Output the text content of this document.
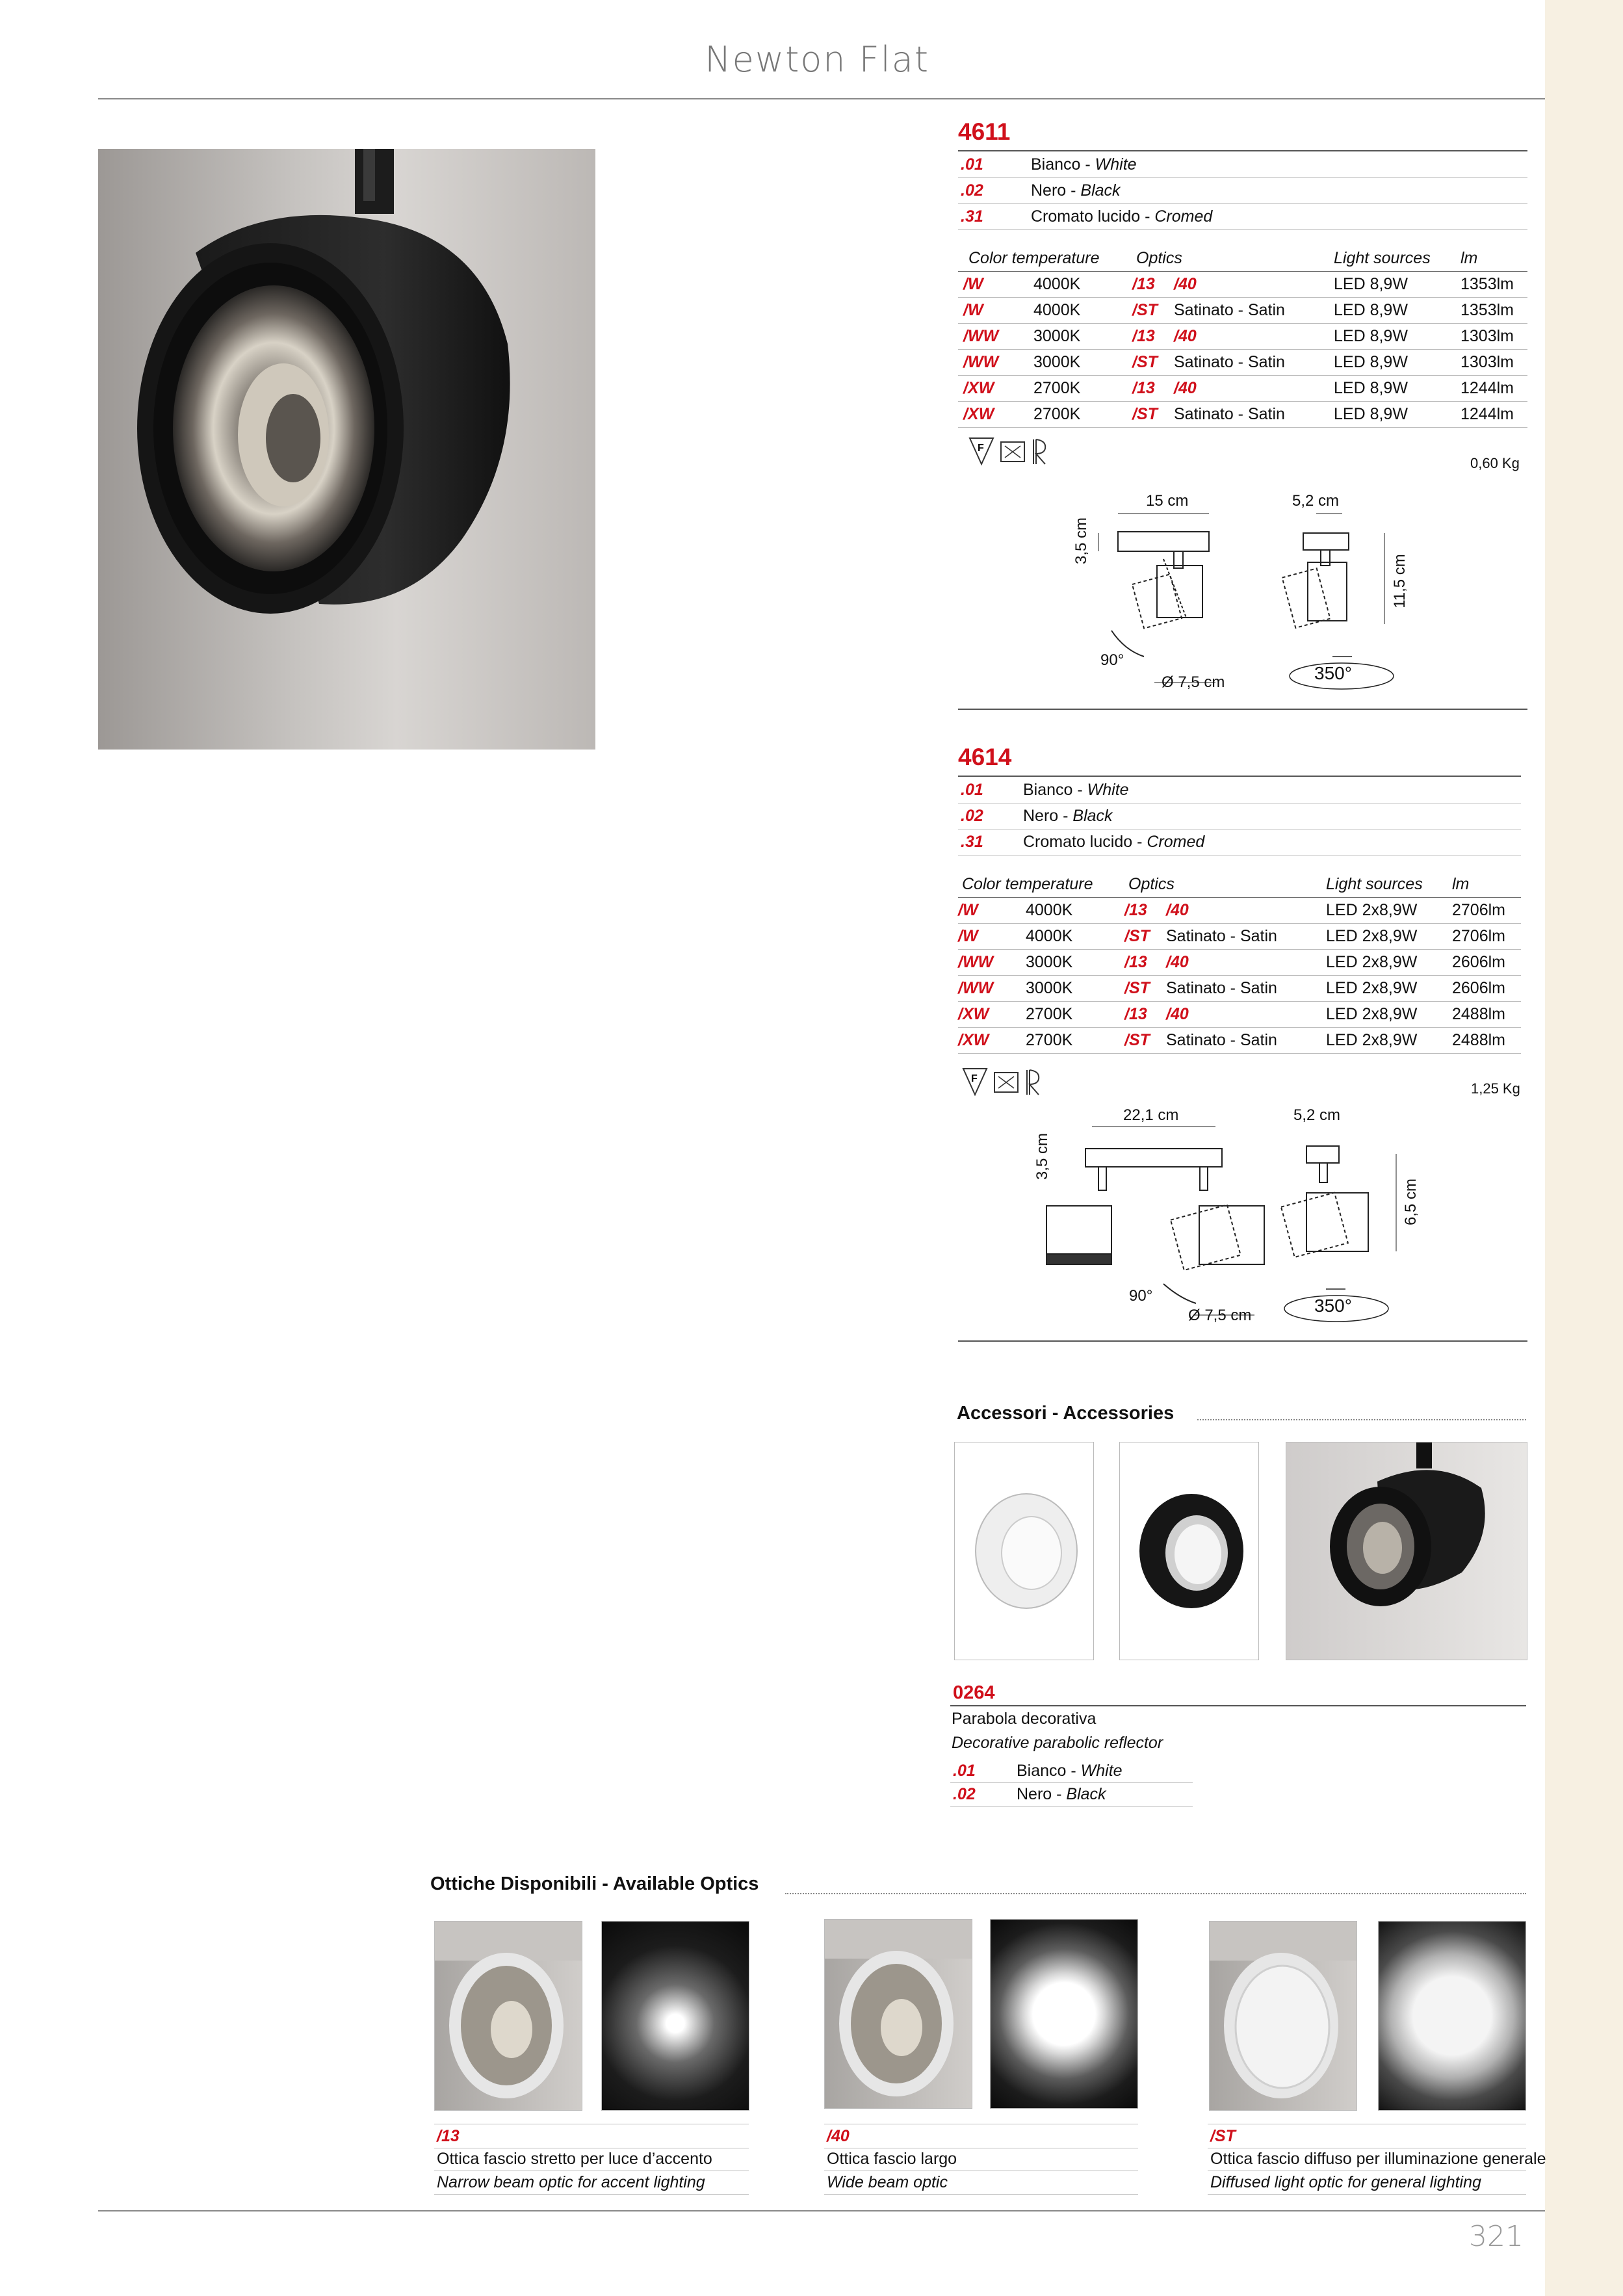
Newton Flat
4611
.01	Bianco - White
.02	Nero - Black
.31	Cromato lucido - Cromed
Color temperature Optics	Light sources lm
/W	4000K	/13 /40	LED 8,9W	1353lm
/W	4000K	/ST Satinato - Satin	LED 8,9W	1353lm
/WW 3000K	/13 /40	LED 8,9W	1303lm
/WW 3000K	/ST Satinato - Satin	LED 8,9W	1303lm
/XW 2700K	/13 /40	LED 8,9W	1244lm
/XW 2700K	/ST Satinato - Satin	LED 8,9W	1244lm
F
0,60 Kg
15 cm	5,2 cm
3,5 cm
11,5 cm
90°
Ø 7,5 cm	350°
4614
.01 Bianco - White
.02 Nero - Black
.31 Cromato lucido - Cromed
Color temperature Optics	Light sources lm
/W	4000K	/13 /40	LED 2x8,9W 2706lm
/W	4000K	/ST Satinato - Satin	LED 2x8,9W 2706lm
/WW 3000K	/13 /40	LED 2x8,9W 2606lm
/WW 3000K	/ST Satinato - Satin	LED 2x8,9W 2606lm
/XW 2700K	/13 /40	LED 2x8,9W 2488lm
/XW 2700K	/ST Satinato - Satin	LED 2x8,9W 2488lm
F
1,25 Kg
22,1 cm	5,2 cm
3,5 cm
6,5 cm
90°
Ø 7,5 cm	350°
Accessori - Accessories
0264
Parabola decorativa
Decorative parabolic reflector
.01	Bianco - White
.02	Nero - Black
Ottiche Disponibili - Available Optics
/13
Ottica fascio stretto per luce d’accento
Narrow beam optic for accent lighting
/40
Ottica fascio largo
Wide beam optic
/ST
Ottica fascio diffuso per illuminazione generale
Diffused light optic for general lighting
321
